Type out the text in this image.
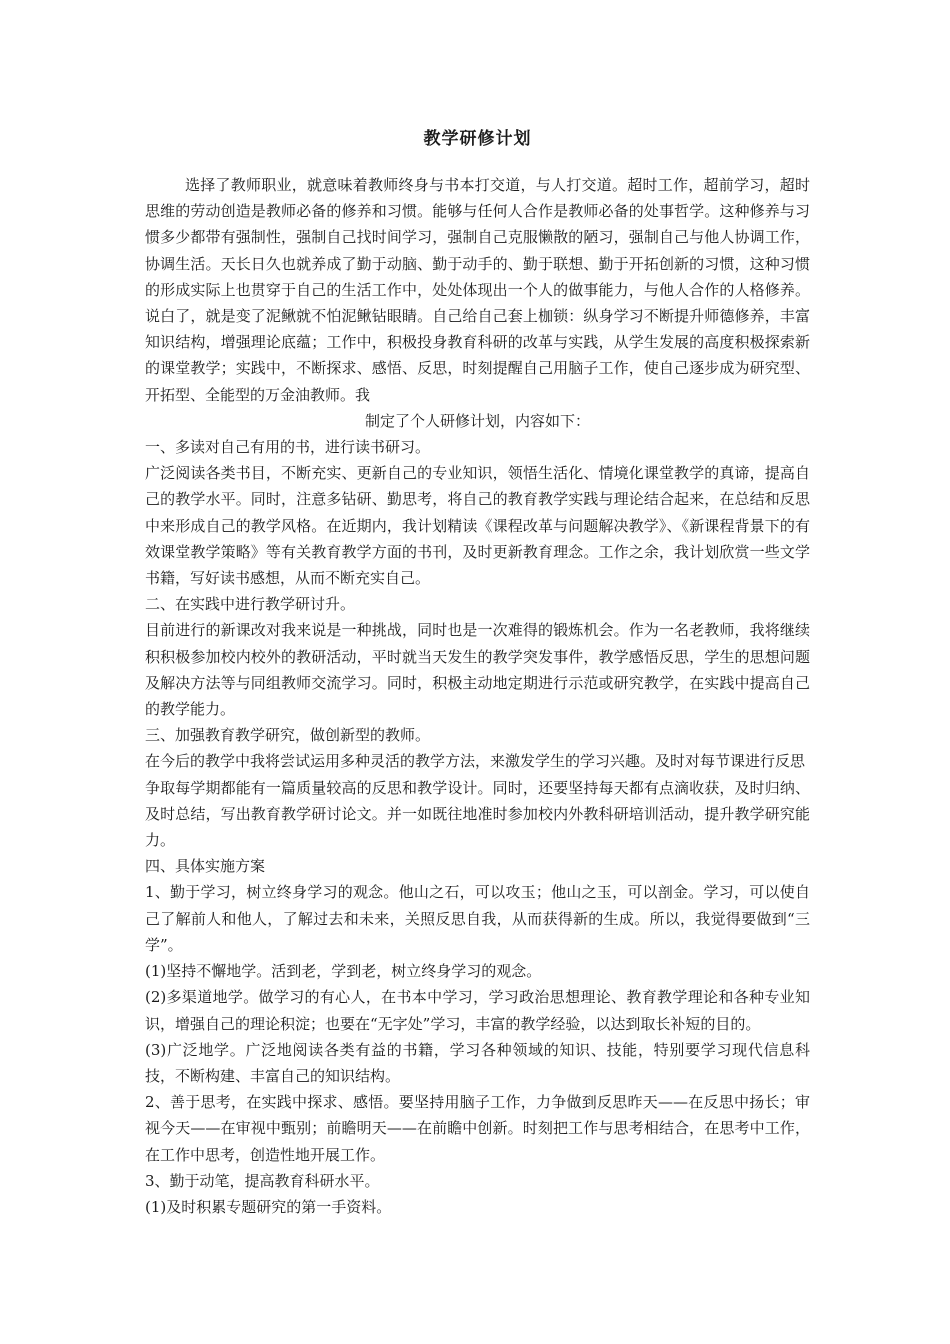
教学研修计划

选择了教师职业，就意味着教师终身与书本打交道，与人打交道。超时工作，超前学习，超时思维的劳动创造是教师必备的修养和习惯。能够与任何人合作是教师必备的处事哲学。这种修养与习惯多少都带有强制性，强制自己找时间学习，强制自己克服懒散的陋习，强制自己与他人协调工作，协调生活。天长日久也就养成了勤于动脑、勤于动手的、勤于联想、勤于开拓创新的习惯，这种习惯的形成实际上也贯穿于自己的生活工作中，处处体现出一个人的做事能力，与他人合作的人格修养。说白了，就是变了泥鳅就不怕泥鳅钻眼睛。自己给自己套上枷锁：纵身学习不断提升师德修养，丰富知识结构，增强理论底蕴；工作中，积极投身教育科研的改革与实践，从学生发展的高度积极探索新的课堂教学；实践中，不断探求、感悟、反思，时刻提醒自己用脑子工作，使自己逐步成为研究型、开拓型、全能型的万金油教师。我

制定了个人研修计划，内容如下：

一、多读对自己有用的书，进行读书研习。

广泛阅读各类书目，不断充实、更新自己的专业知识，领悟生活化、情境化课堂教学的真谛，提高自己的教学水平。同时，注意多钻研、勤思考，将自己的教育教学实践与理论结合起来，在总结和反思中来形成自己的教学风格。在近期内，我计划精读《课程改革与问题解决教学》、《新课程背景下的有效课堂教学策略》等有关教育教学方面的书刊，及时更新教育理念。工作之余，我计划欣赏一些文学书籍，写好读书感想，从而不断充实自己。

二、在实践中进行教学研讨升。

目前进行的新课改对我来说是一种挑战，同时也是一次难得的锻炼机会。作为一名老教师，我将继续积积极参加校内校外的教研活动，平时就当天发生的教学突发事件，教学感悟反思，学生的思想问题及解决方法等与同组教师交流学习。同时，积极主动地定期进行示范或研究教学，在实践中提高自己的教学能力。

三、加强教育教学研究，做创新型的教师。

在今后的教学中我将尝试运用多种灵活的教学方法，来激发学生的学习兴趣。及时对每节课进行反思

争取每学期都能有一篇质量较高的反思和教学设计。同时，还要坚持每天都有点滴收获，及时归纳、及时总结，写出教育教学研讨论文。并一如既往地准时参加校内外教科研培训活动，提升教学研究能力。

四、具体实施方案

1、勤于学习，树立终身学习的观念。他山之石，可以攻玉；他山之玉，可以剖金。学习，可以使自己了解前人和他人，了解过去和未来，关照反思自我，从而获得新的生成。所以，我觉得要做到“三学”。

(1)坚持不懈地学。活到老，学到老，树立终身学习的观念。

(2)多渠道地学。做学习的有心人，在书本中学习，学习政治思想理论、教育教学理论和各种专业知识，增强自己的理论积淀；也要在“无字处”学习，丰富的教学经验，以达到取长补短的目的。

(3)广泛地学。广泛地阅读各类有益的书籍，学习各种领域的知识、技能，特别要学习现代信息科技，不断构建、丰富自己的知识结构。

2、善于思考，在实践中探求、感悟。要坚持用脑子工作，力争做到反思昨天——在反思中扬长；审视今天——在审视中甄别；前瞻明天——在前瞻中创新。时刻把工作与思考相结合，在思考中工作，在工作中思考，创造性地开展工作。

3、勤于动笔，提高教育科研水平。

(1)及时积累专题研究的第一手资料。
